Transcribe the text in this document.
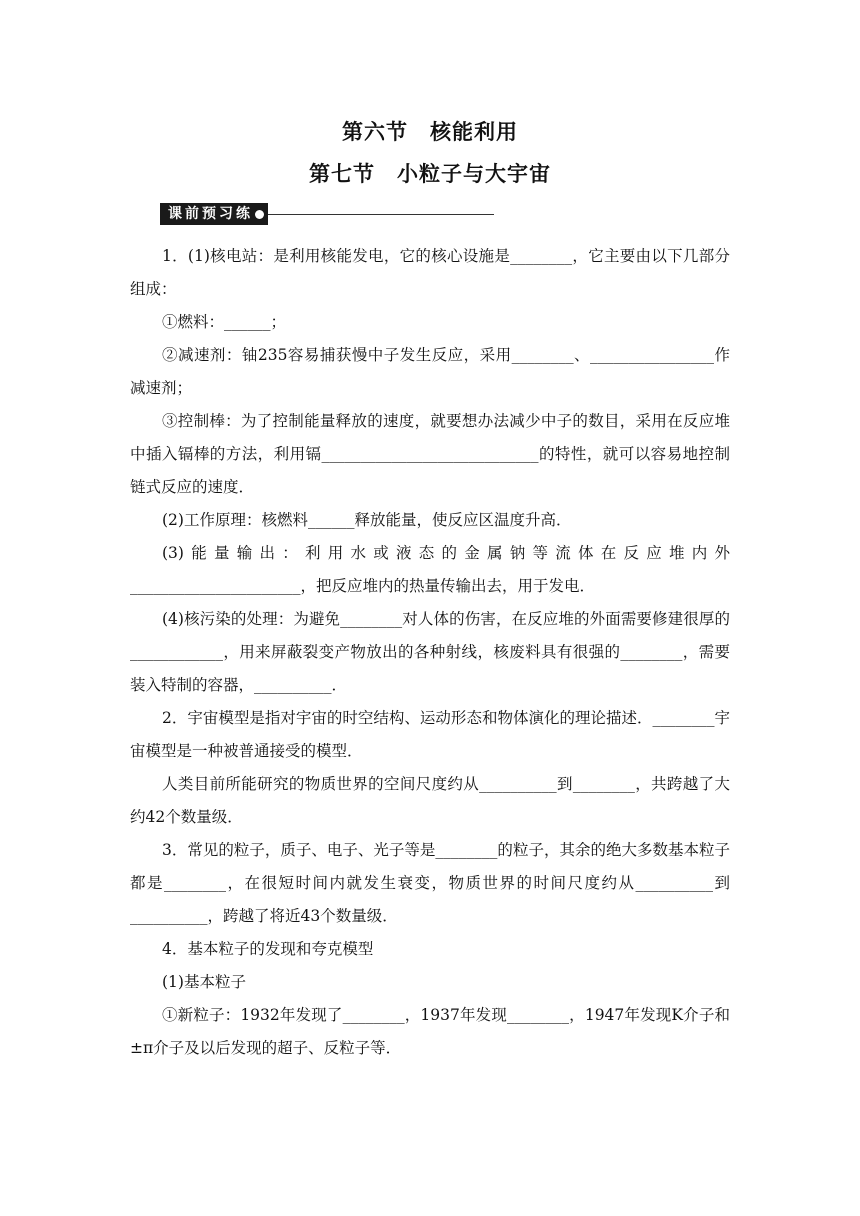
第六节　核能利用
第七节　小粒子与大宇宙
课前预习练

1．(1)核电站：是利用核能发电，它的核心设施是________，它主要由以下几部分组成：

①燃料：______；

②减速剂：铀235容易捕获慢中子发生反应，采用________、________________作减速剂；

③控制棒：为了控制能量释放的速度，就要想办法减少中子的数目，采用在反应堆中插入镉棒的方法，利用镉____________________________的特性，就可以容易地控制链式反应的速度．

(2)工作原理：核燃料______释放能量，使反应区温度升高．

(3)能量输出：利用水或液态的金属钠等流体在反应堆内外______________________，把反应堆内的热量传输出去，用于发电．

(4)核污染的处理：为避免________对人体的伤害，在反应堆的外面需要修建很厚的____________，用来屏蔽裂变产物放出的各种射线，核废料具有很强的________，需要装入特制的容器，__________．

2．宇宙模型是指对宇宙的时空结构、运动形态和物体演化的理论描述．________宇宙模型是一种被普通接受的模型．

人类目前所能研究的物质世界的空间尺度约从__________到________，共跨越了大约42个数量级．

3．常见的粒子，质子、电子、光子等是________的粒子，其余的绝大多数基本粒子都是________，在很短时间内就发生衰变，物质世界的时间尺度约从__________到__________，跨越了将近43个数量级．

4．基本粒子的发现和夸克模型

(1)基本粒子

①新粒子：1932年发现了________，1937年发现________，1947年发现K介子和±π介子及以后发现的超子、反粒子等．
